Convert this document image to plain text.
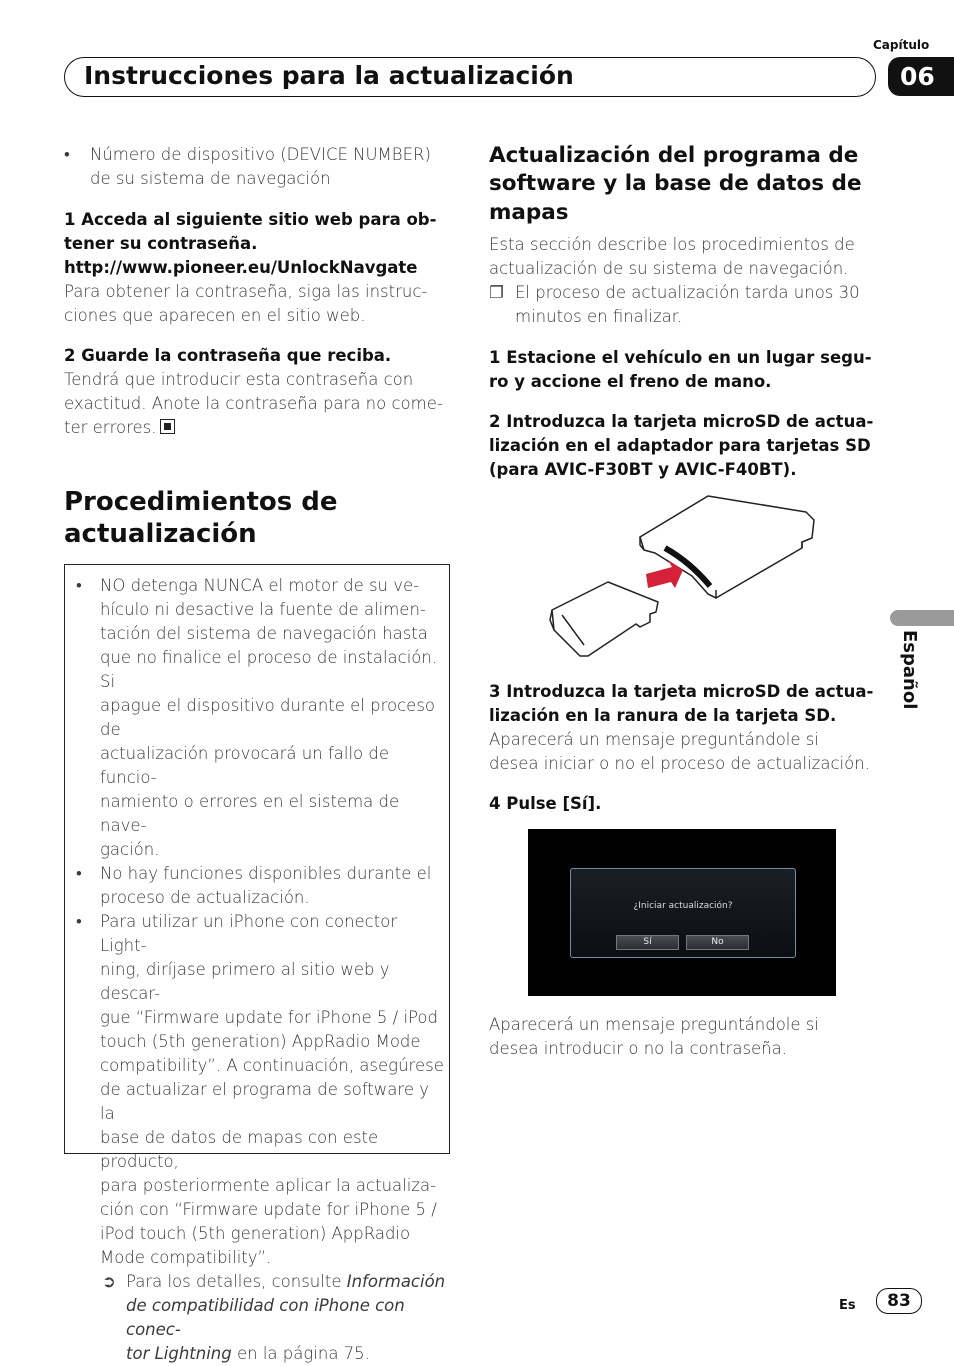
Capítulo
Instrucciones para la actualización	06
•	Número de dispositivo (DEVICE NUMBER) de su sistema de navegación
1 Acceda al siguiente sitio web para ob-
tener su contraseña.
http://www.pioneer.eu/UnlockNavgate
Para obtener la contraseña, siga las instruc-
ciones que aparecen en el sitio web.
2 Guarde la contraseña que reciba.
Tendrá que introducir esta contraseña con
exactitud. Anote la contraseña para no come-
ter errores.
Procedimientos de
actualización
• NO detenga NUNCA el motor de su ve-
hículo ni desactive la fuente de alimen-
tación del sistema de navegación hasta
que no finalice el proceso de instalación. Si
apague el dispositivo durante el proceso de
actualización provocará un fallo de funcio-
namiento o errores en el sistema de nave-
gación.
• No hay funciones disponibles durante el
proceso de actualización.
• Para utilizar un iPhone con conector Light-
ning, diríjase primero al sitio web y descar-
gue “Firmware update for iPhone 5 / iPod
touch (5th generation) AppRadio Mode
compatibility”. A continuación, asegúrese
de actualizar el programa de software y la
base de datos de mapas con este producto,
para posteriormente aplicar la actualiza-
ción con “Firmware update for iPhone 5 /
iPod touch (5th generation) AppRadio
Mode compatibility”.
➲ Para los detalles, consulte Información
de compatibilidad con iPhone con conec-
tor Lightning en la página 75.
Actualización del programa de
software y la base de datos de
mapas
Esta sección describe los procedimientos de
actualización de su sistema de navegación.
❐ El proceso de actualización tarda unos 30
minutos en finalizar.
1 Estacione el vehículo en un lugar segu-
ro y accione el freno de mano.
2 Introduzca la tarjeta microSD de actua-
lización en el adaptador para tarjetas SD
(para AVIC-F30BT y AVIC-F40BT).
3 Introduzca la tarjeta microSD de actua-
lización en la ranura de la tarjeta SD.
Aparecerá un mensaje preguntándole si
desea iniciar o no el proceso de actualización.
4 Pulse [Sí].
¿Iniciar actualización?
Sí	No
Aparecerá un mensaje preguntándole si
desea introducir o no la contraseña.
Español
Es	83
